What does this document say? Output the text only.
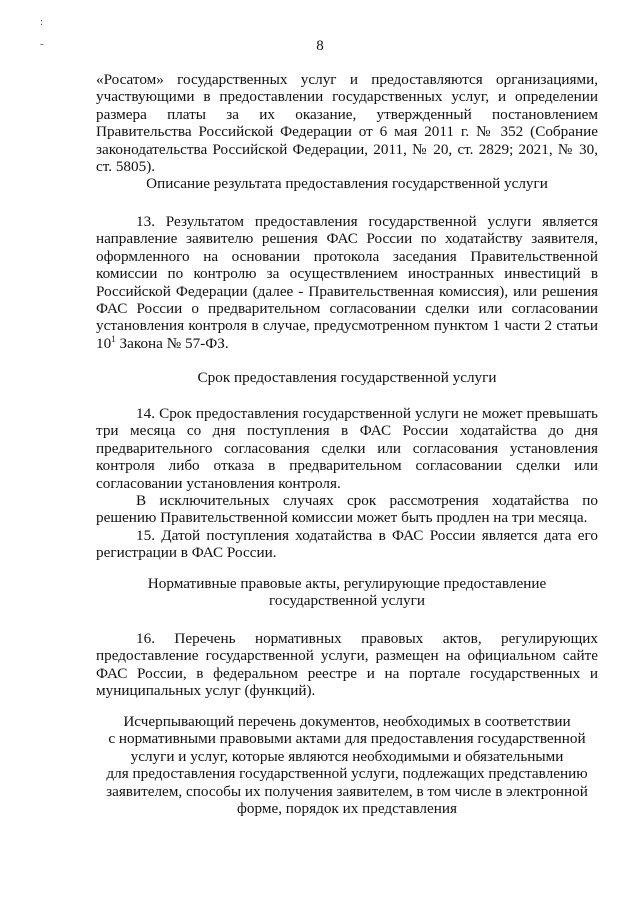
:
-	8

«Росатом» государственных услуг и предоставляются организациями, участвующими в предоставлении государственных услуг, и определении размера платы за их оказание, утвержденный постановлением Правительства Российской Федерации от 6 мая 2011 г. № 352 (Собрание законодательства Российской Федерации, 2011, № 20, ст. 2829; 2021, № 30, ст. 5805).

Описание результата предоставления государственной услуги

13. Результатом предоставления государственной услуги является направление заявителю решения ФАС России по ходатайству заявителя, оформленного на основании протокола заседания Правительственной комиссии по контролю за осуществлением иностранных инвестиций в Российской Федерации (далее - Правительственная комиссия), или решения ФАС России о предварительном согласовании сделки или согласовании установления контроля в случае, предусмотренном пунктом 1 части 2 статьи $10^1$ Закона № 57-ФЗ.

Срок предоставления государственной услуги

14. Срок предоставления государственной услуги не может превышать три месяца со дня поступления в ФАС России ходатайства до дня предварительного согласования сделки или согласования установления контроля либо отказа в предварительном согласовании сделки или согласовании установления контроля.

В исключительных случаях срок рассмотрения ходатайства по решению Правительственной комиссии может быть продлен на три месяца.

15. Датой поступления ходатайства в ФАС России является дата его регистрации в ФАС России.

Нормативные правовые акты, регулирующие предоставление

государственной услуги

16. Перечень нормативных правовых актов, регулирующих предоставление государственной услуги, размещен на официальном сайте ФАС России, в федеральном реестре и на портале государственных и муниципальных услуг (функций).

Исчерпывающий перечень документов, необходимых в соответствии

с нормативными правовыми актами для предоставления государственной

услуги и услуг, которые являются необходимыми и обязательными

для предоставления государственной услуги, подлежащих представлению

заявителем, способы их получения заявителем, в том числе в электронной

форме, порядок их представления
